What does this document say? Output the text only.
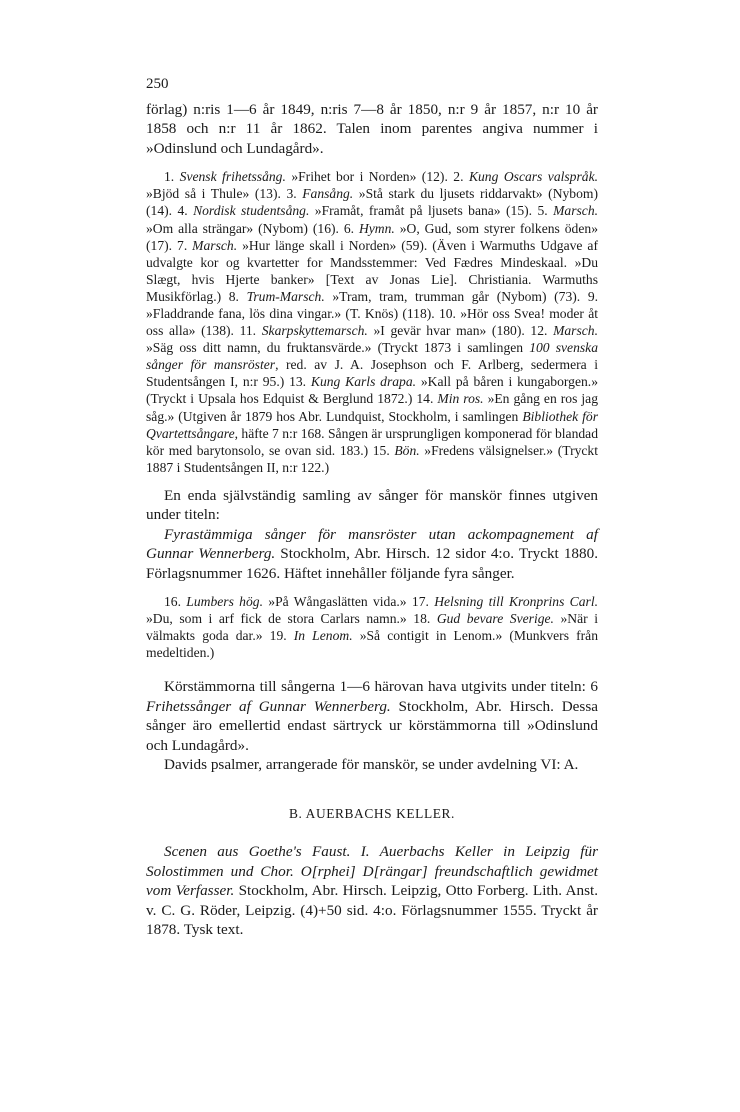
250

förlag) n:ris 1—6 år 1849, n:ris 7—8 år 1850, n:r 9 år 1857, n:r 10 år 1858 och n:r 11 år 1862. Talen inom parentes angiva nummer i »Odinslund och Lundagård».

1. Svensk frihetssång. »Frihet bor i Norden» (12). 2. Kung Oscars valspråk. »Bjöd så i Thule» (13). 3. Fansång. »Stå stark du ljusets riddarvakt» (Nybom) (14). 4. Nordisk studentsång. »Framåt, framåt på ljusets bana» (15). 5. Marsch. »Om alla strängar» (Nybom) (16). 6. Hymn. »O, Gud, som styrer folkens öden» (17). 7. Marsch. »Hur länge skall i Norden» (59). (Även i Warmuths Udgave af udvalgte kor og kvartetter for Mandsstemmer: Ved Fædres Mindeskaal. »Du Slægt, hvis Hjerte banker» [Text av Jonas Lie]. Christiania. Warmuths Musikförlag.) 8. Trum-Marsch. »Tram, tram, trumman går (Nybom) (73). 9. »Fladdrande fana, lös dina vingar.» (T. Knös) (118). 10. »Hör oss Svea! moder åt oss alla» (138). 11. Skarpskyttemarsch. »I gevär hvar man» (180). 12. Marsch. »Säg oss ditt namn, du fruktansvärde.» (Tryckt 1873 i samlingen 100 svenska sånger för mansröster, red. av J. A. Josephson och F. Arlberg, sedermera i Studentsången I, n:r 95.) 13. Kung Karls drapa. »Kall på båren i kungaborgen.» (Tryckt i Upsala hos Edquist & Berglund 1872.) 14. Min ros. »En gång en ros jag såg.» (Utgiven år 1879 hos Abr. Lundquist, Stockholm, i samlingen Bibliothek för Qvartettsångare, häfte 7 n:r 168. Sången är ursprungligen komponerad för blandad kör med barytonsolo, se ovan sid. 183.) 15. Bön. »Fredens välsignelser.» (Tryckt 1887 i Studentsången II, n:r 122.)

En enda självständig samling av sånger för manskör finnes utgiven under titeln:

Fyrastämmiga sånger för mansröster utan ackompagnement af Gunnar Wennerberg. Stockholm, Abr. Hirsch. 12 sidor 4:o. Tryckt 1880. Förlagsnummer 1626. Häftet innehåller följande fyra sånger.

16. Lumbers hög. »På Wångaslätten vida.» 17. Helsning till Kronprins Carl. »Du, som i arf fick de stora Carlars namn.» 18. Gud bevare Sverige. »När i välmakts goda dar.» 19. In Lenom. »Så contigit in Lenom.» (Munkvers från medeltiden.)

Körstämmorna till sångerna 1—6 härovan hava utgivits under titeln: 6 Frihetssånger af Gunnar Wennerberg. Stockholm, Abr. Hirsch. Dessa sånger äro emellertid endast särtryck ur körstämmorna till »Odinslund och Lundagård».

Davids psalmer, arrangerade för manskör, se under avdelning VI: A.

B. AUERBACHS KELLER.

Scenen aus Goethe's Faust. I. Auerbachs Keller in Leipzig für Solostimmen und Chor. O[rphei] D[rängar] freundschaftlich gewidmet vom Verfasser. Stockholm, Abr. Hirsch. Leipzig, Otto Forberg. Lith. Anst. v. C. G. Röder, Leipzig. (4)+50 sid. 4:o. Förlagsnummer 1555. Tryckt år 1878. Tysk text.
